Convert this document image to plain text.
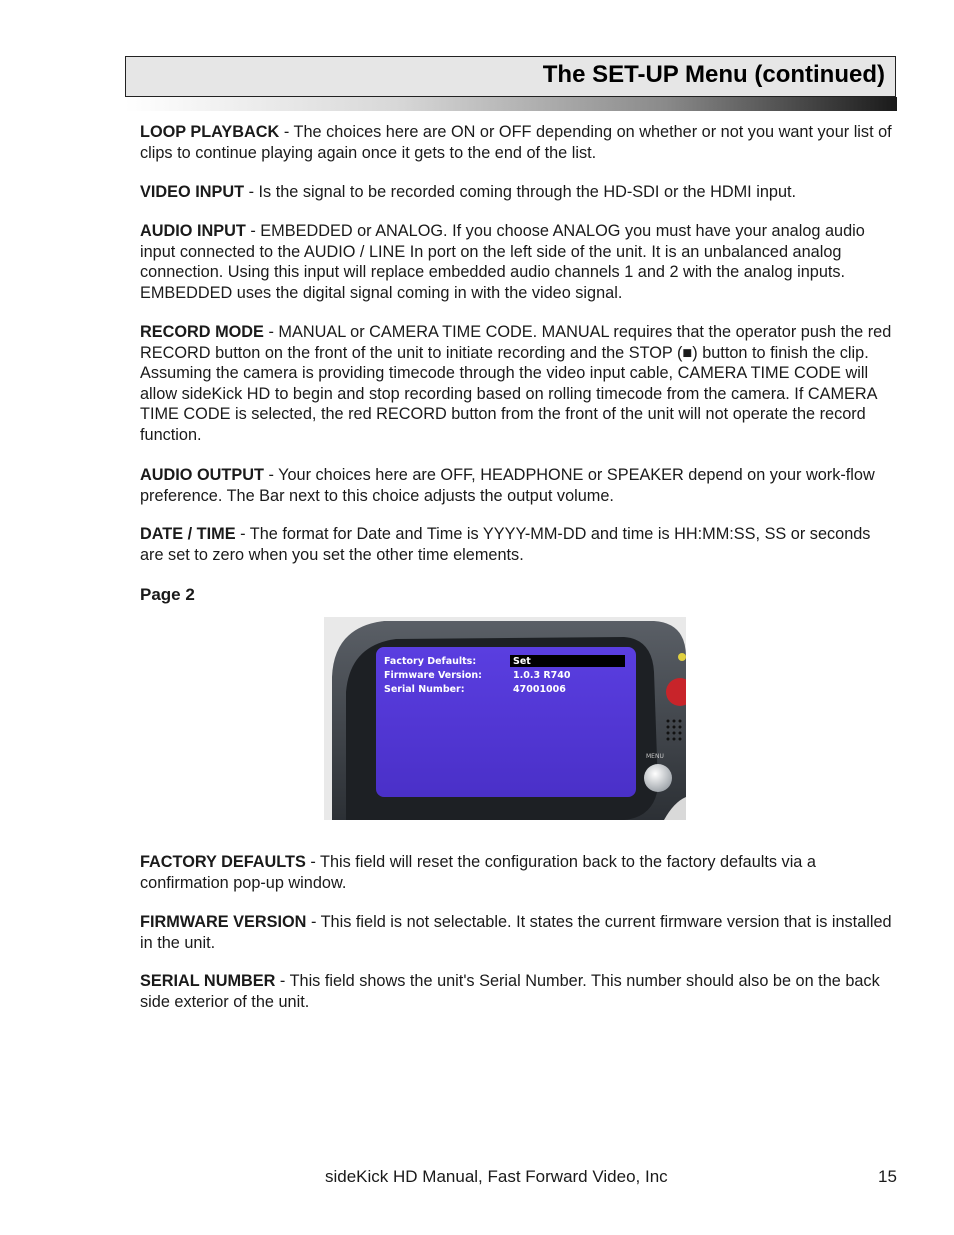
The SET-UP Menu (continued)
LOOP PLAYBACK - The choices here are ON or OFF depending on whether or not you want your list of clips to continue playing again once it gets to the end of the list.
VIDEO INPUT - Is the signal to be recorded coming through the HD-SDI or the HDMI input.
AUDIO INPUT - EMBEDDED or ANALOG. If you choose ANALOG you must have your analog audio input connected to the AUDIO / LINE In port on the left side of the unit. It is an unbalanced analog connection. Using this input will replace embedded audio channels 1 and 2 with the analog inputs. EMBEDDED uses the digital signal coming in with the video signal.
RECORD MODE - MANUAL or CAMERA TIME CODE. MANUAL requires that the operator push the red RECORD button on the front of the unit to initiate recording and the STOP (■) button to finish the clip. Assuming the camera is providing timecode through the video input cable, CAMERA TIME CODE will allow sideKick HD to begin and stop recording based on rolling timecode from the camera. If CAMERA TIME CODE is selected, the red RECORD button from the front of the unit will not operate the record function.
AUDIO OUTPUT - Your choices here are OFF, HEADPHONE or SPEAKER depend on your work-flow preference. The Bar next to this choice adjusts the output volume.
DATE / TIME - The format for Date and Time is YYYY-MM-DD and time is HH:MM:SS, SS or seconds are set to zero when you set the other time elements.
Page 2
Factory Defaults:	Set
Firmware Version:	1.0.3 R740
Serial Number:	47001006
MENU
FACTORY DEFAULTS - This field will reset the configuration back to the factory defaults via a confirmation pop-up window.
FIRMWARE VERSION - This field is not selectable. It states the current firmware version that is installed in the unit.
SERIAL NUMBER - This field shows the unit's Serial Number. This number should also be on the back side exterior of the unit.
sideKick HD Manual, Fast Forward Video, Inc	15
